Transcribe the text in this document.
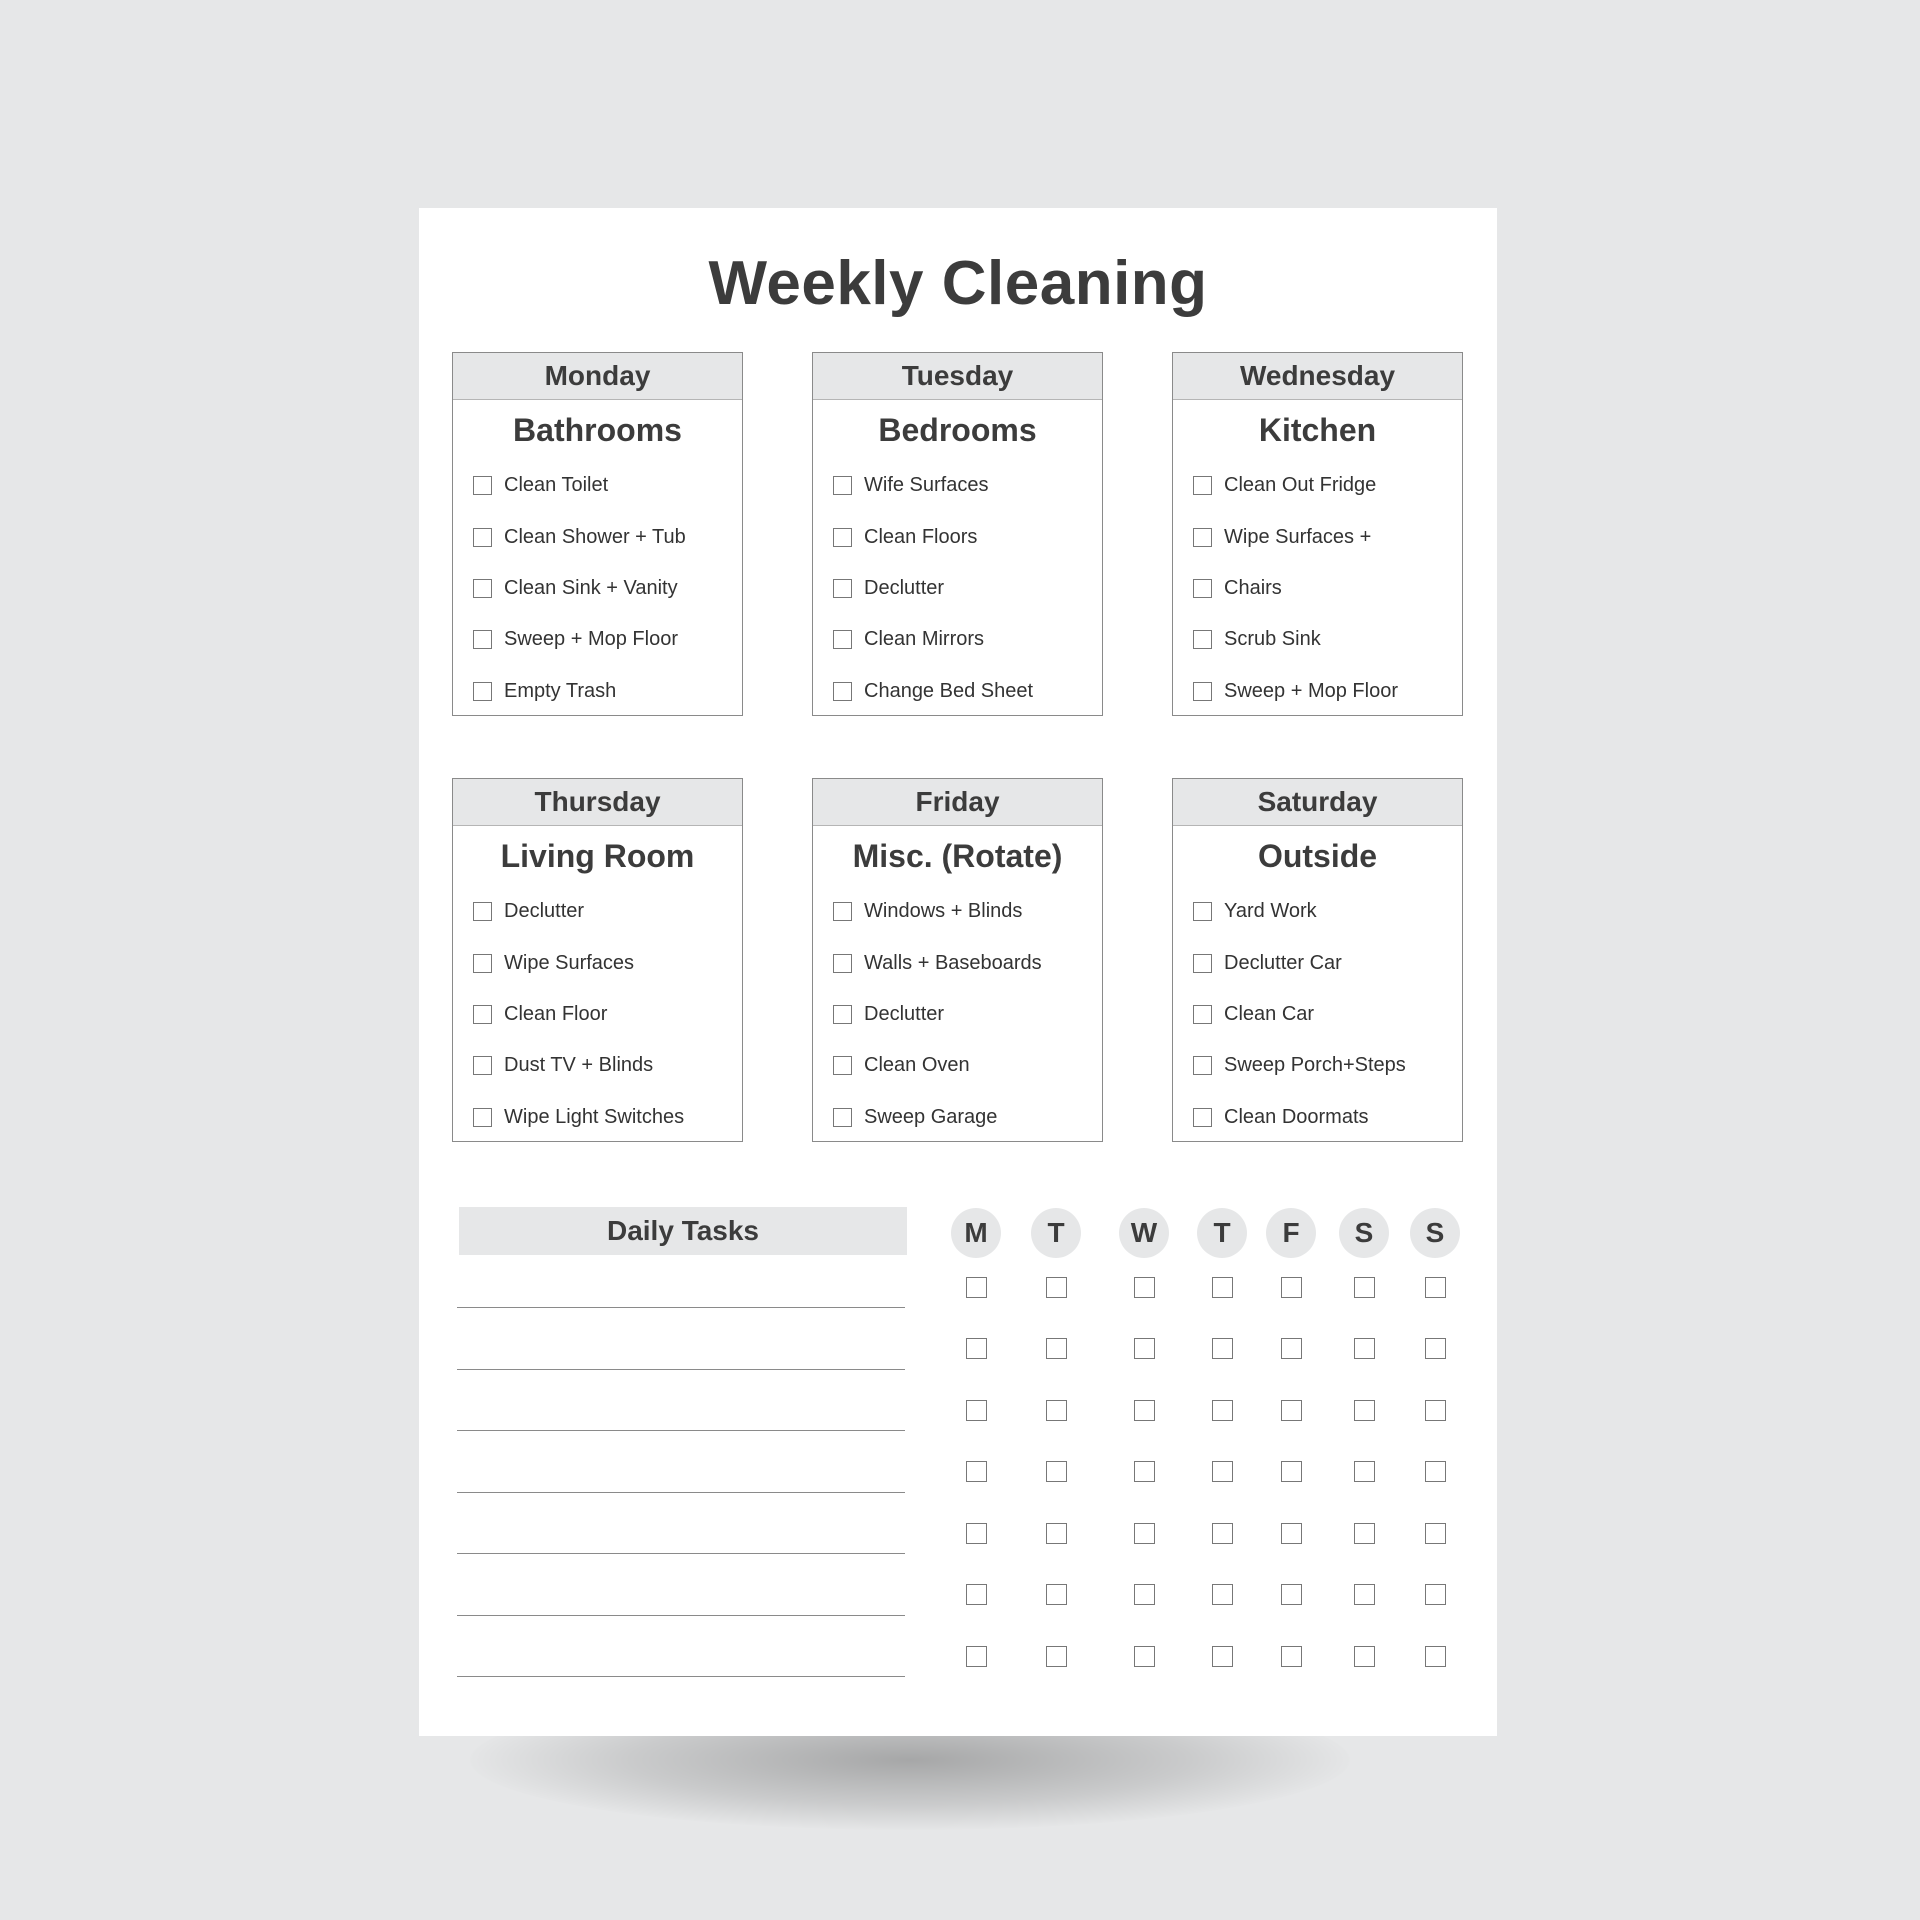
Weekly Cleaning
Monday
Bathrooms
Clean Toilet
Clean Shower + Tub
Clean Sink + Vanity
Sweep + Mop Floor
Empty Trash
Tuesday
Bedrooms
Wife Surfaces
Clean Floors
Declutter
Clean Mirrors
Change Bed Sheet
Wednesday
Kitchen
Clean Out Fridge
Wipe Surfaces +
Chairs
Scrub Sink
Sweep + Mop Floor
Thursday
Living Room
Declutter
Wipe Surfaces
Clean Floor
Dust TV + Blinds
Wipe Light Switches
Friday
Misc. (Rotate)
Windows + Blinds
Walls + Baseboards
Declutter
Clean Oven
Sweep Garage
Saturday
Outside
Yard Work
Declutter Car
Clean Car
Sweep Porch+Steps
Clean Doormats
Daily Tasks	M	T	W	T	F	S	S
